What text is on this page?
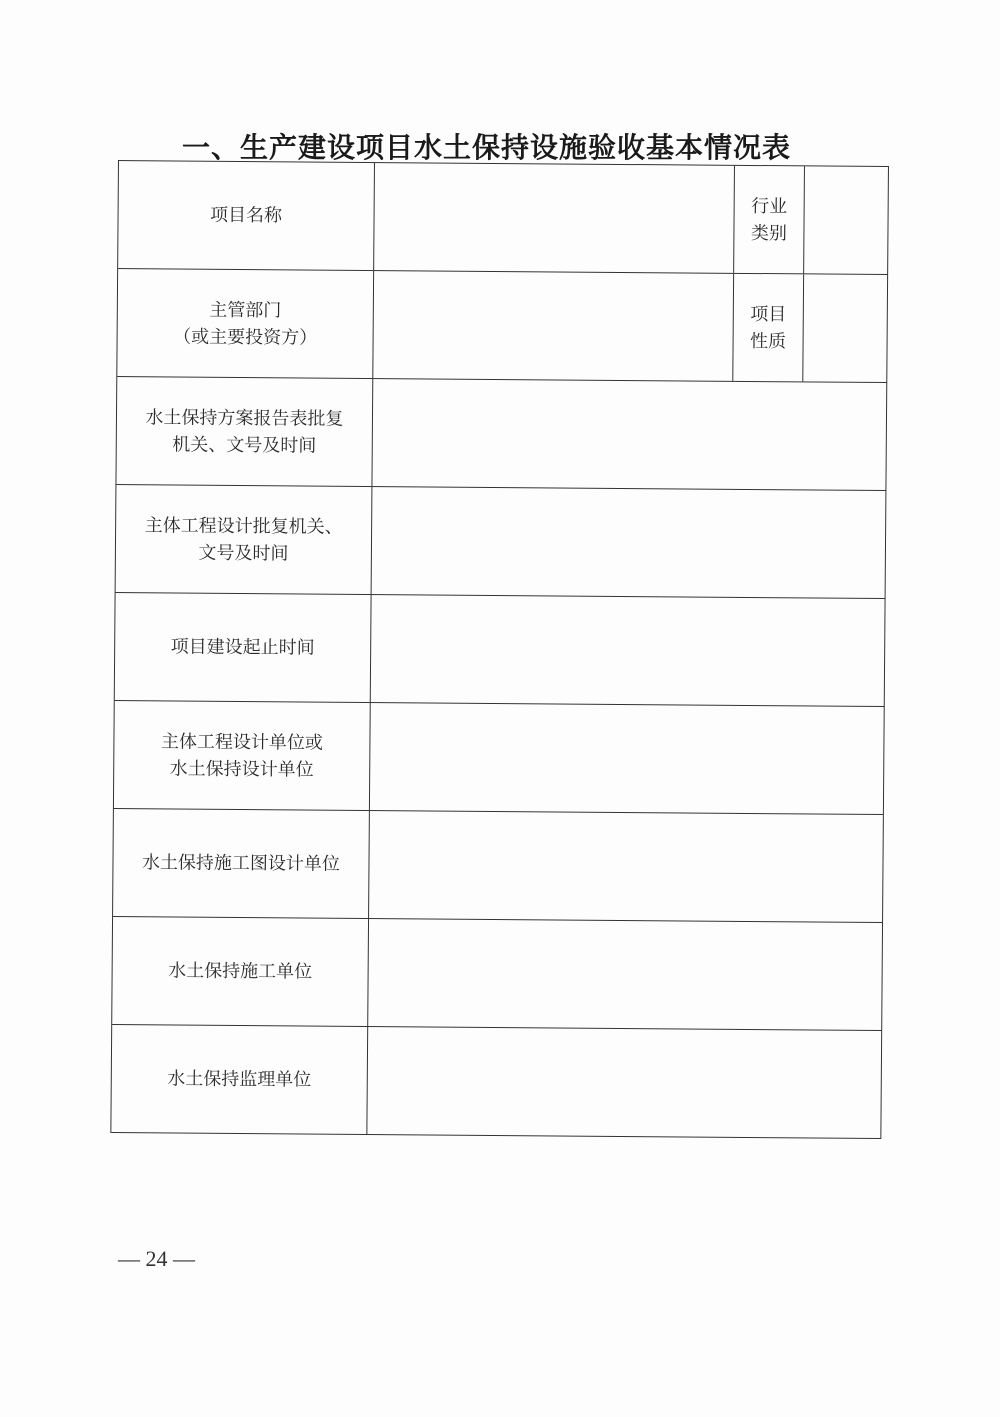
一、生产建设项目水土保持设施验收基本情况表
项目名称	行业
类别
主管部门
（或主要投资方）
项目
性质
水土保持方案报告表批复
机关、文号及时间
主体工程设计批复机关、
文号及时间
项目建设起止时间
主体工程设计单位或
水土保持设计单位
水土保持施工图设计单位
水土保持施工单位
水土保持监理单位
— 24 —
